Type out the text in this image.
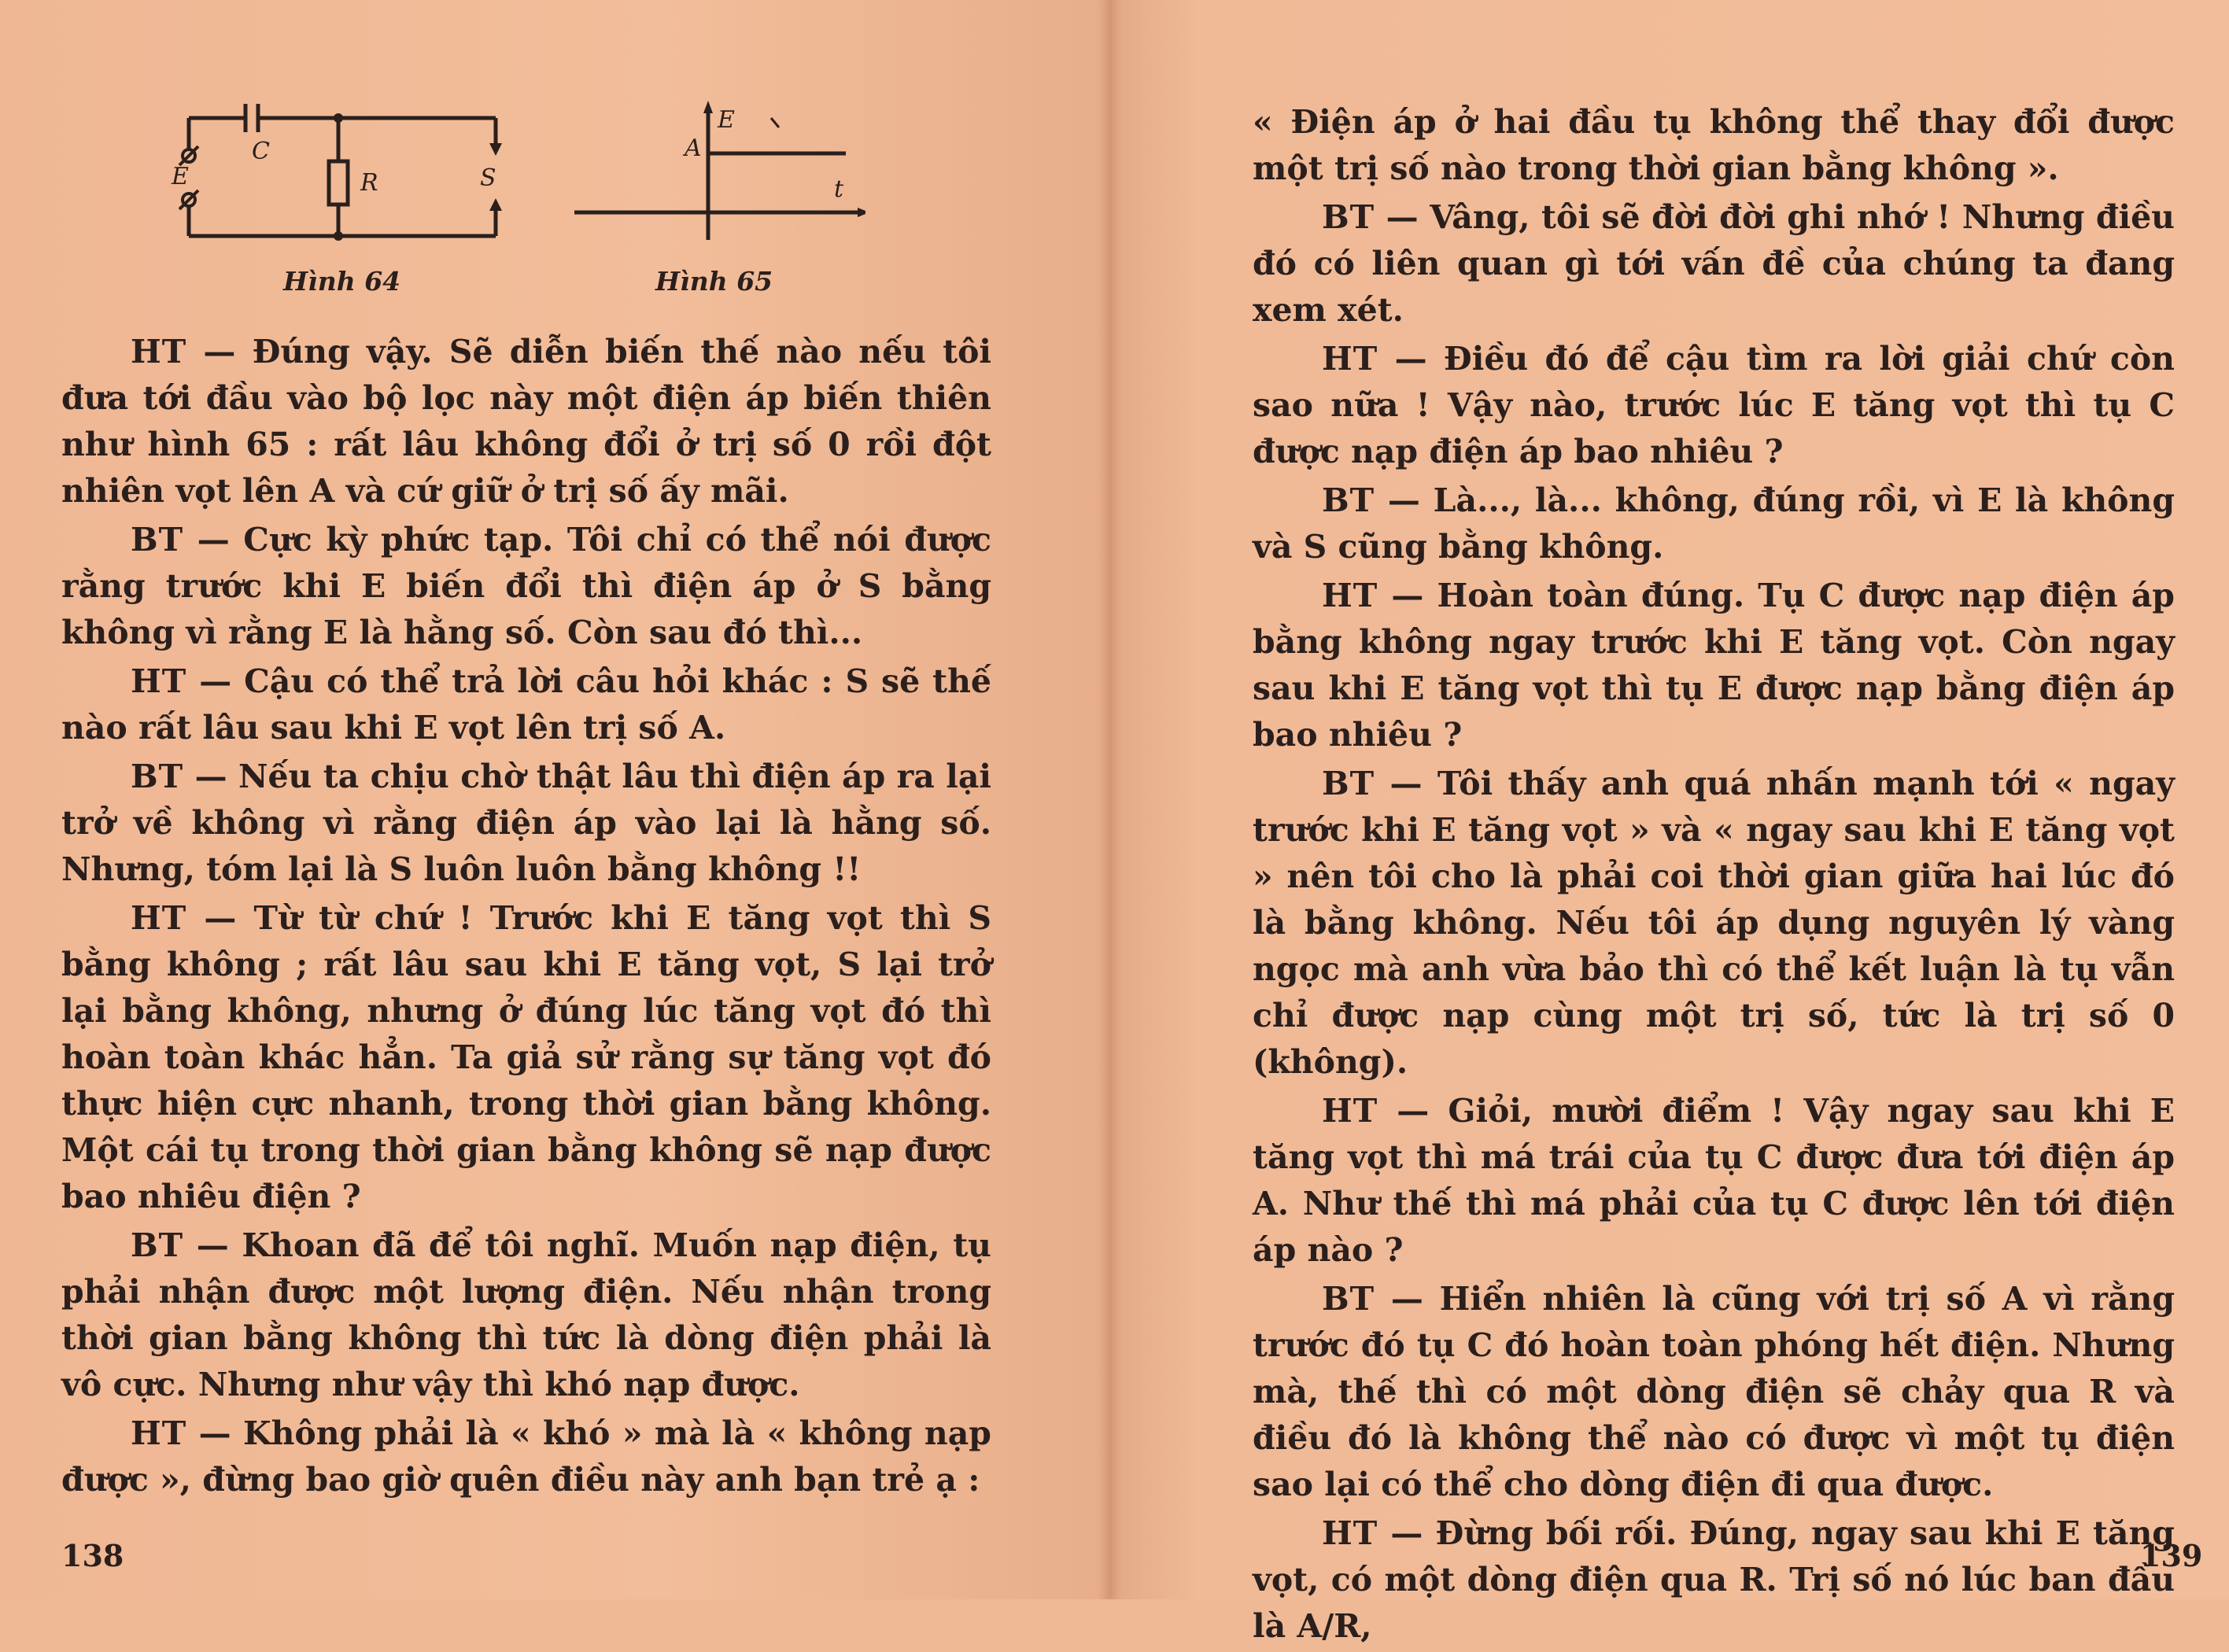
C
E	R	S
E
A
t
Hình 64	Hình 65

HT — Đúng vậy. Sẽ diễn biến thế nào nếu tôi đưa tới đầu vào bộ lọc này một điện áp biến thiên như hình 65 : rất lâu không đổi ở trị số 0 rồi đột nhiên vọt lên A và cứ giữ ở trị số ấy mãi.

BT — Cực kỳ phức tạp. Tôi chỉ có thể nói được rằng trước khi E biến đổi thì điện áp ở S bằng không vì rằng E là hằng số. Còn sau đó thì...

HT — Cậu có thể trả lời câu hỏi khác : S sẽ thế nào rất lâu sau khi E vọt lên trị số A.

BT — Nếu ta chịu chờ thật lâu thì điện áp ra lại trở về không vì rằng điện áp vào lại là hằng số. Nhưng, tóm lại là S luôn luôn bằng không !!

HT — Từ từ chứ ! Trước khi E tăng vọt thì S bằng không ; rất lâu sau khi E tăng vọt, S lại trở lại bằng không, nhưng ở đúng lúc tăng vọt đó thì hoàn toàn khác hẳn. Ta giả sử rằng sự tăng vọt đó thực hiện cực nhanh, trong thời gian bằng không. Một cái tụ trong thời gian bằng không sẽ nạp được bao nhiêu điện ?

BT — Khoan đã để tôi nghĩ. Muốn nạp điện, tụ phải nhận được một lượng điện. Nếu nhận trong thời gian bằng không thì tức là dòng điện phải là vô cực. Nhưng như vậy thì khó nạp được.

HT — Không phải là « khó » mà là « không nạp được », đừng bao giờ quên điều này anh bạn trẻ ạ :

« Điện áp ở hai đầu tụ không thể thay đổi được một trị số nào trong thời gian bằng không ».

BT — Vâng, tôi sẽ đời đời ghi nhớ ! Nhưng điều đó có liên quan gì tới vấn đề của chúng ta đang xem xét.

HT — Điều đó để cậu tìm ra lời giải chứ còn sao nữa ! Vậy nào, trước lúc E tăng vọt thì tụ C được nạp điện áp bao nhiêu ?

BT — Là..., là... không, đúng rồi, vì E là không và S cũng bằng không.

HT — Hoàn toàn đúng. Tụ C được nạp điện áp bằng không ngay trước khi E tăng vọt. Còn ngay sau khi E tăng vọt thì tụ E được nạp bằng điện áp bao nhiêu ?

BT — Tôi thấy anh quá nhấn mạnh tới « ngay trước khi E tăng vọt » và « ngay sau khi E tăng vọt » nên tôi cho là phải coi thời gian giữa hai lúc đó là bằng không. Nếu tôi áp dụng nguyên lý vàng ngọc mà anh vừa bảo thì có thể kết luận là tụ vẫn chỉ được nạp cùng một trị số, tức là trị số 0 (không).

HT — Giỏi, mười điểm ! Vậy ngay sau khi E tăng vọt thì má trái của tụ C được đưa tới điện áp A. Như thế thì má phải của tụ C được lên tới điện áp nào ?

BT — Hiển nhiên là cũng với trị số A vì rằng trước đó tụ C đó hoàn toàn phóng hết điện. Nhưng mà, thế thì có một dòng điện sẽ chảy qua R và điều đó là không thể nào có được vì một tụ điện sao lại có thể cho dòng điện đi qua được.

HT — Đừng bối rối. Đúng, ngay sau khi E tăng vọt, có một dòng điện qua R. Trị số nó lúc ban đầu là A/R,

138	139
